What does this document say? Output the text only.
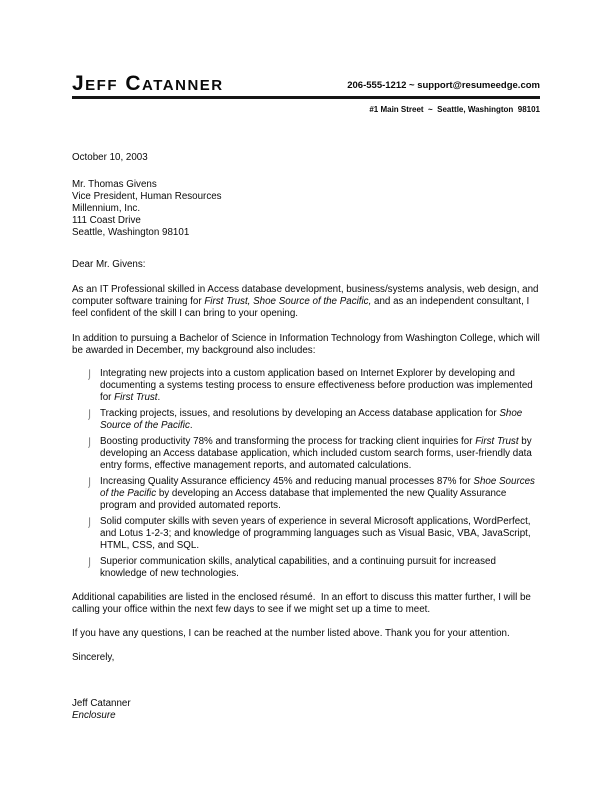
Jeff Catanner	206-555-1212 ~ support@resumeedge.com
#1 Main Street  ~  Seattle, Washington  98101
October 10, 2003
Mr. Thomas Givens
Vice President, Human Resources
Millennium, Inc.
111 Coast Drive
Seattle, Washington 98101
Dear Mr. Givens:

As an IT Professional skilled in Access database development, business/systems analysis, web design, and computer software training for First Trust, Shoe Source of the Pacific, and as an independent consultant, I feel confident of the skill I can bring to your opening.

In addition to pursuing a Bachelor of Science in Information Technology from Washington College, which will be awarded in December, my background also includes:

⌡ Integrating new projects into a custom application based on Internet Explorer by developing and documenting a systems testing process to ensure effectiveness before production was implemented for First Trust.
⌡ Tracking projects, issues, and resolutions by developing an Access database application for Shoe Source of the Pacific.
⌡ Boosting productivity 78% and transforming the process for tracking client inquiries for First Trust by developing an Access database application, which included custom search forms, user-friendly data entry forms, effective management reports, and automated calculations.
⌡ Increasing Quality Assurance efficiency 45% and reducing manual processes 87% for Shoe Sources of the Pacific by developing an Access database that implemented the new Quality Assurance program and provided automated reports.
⌡ Solid computer skills with seven years of experience in several Microsoft applications, WordPerfect, and Lotus 1-2-3; and knowledge of programming languages such as Visual Basic, VBA, JavaScript, HTML, CSS, and SQL.
⌡ Superior communication skills, analytical capabilities, and a continuing pursuit for increased knowledge of new technologies.

Additional capabilities are listed in the enclosed résumé.  In an effort to discuss this matter further, I will be calling your office within the next few days to see if we might set up a time to meet.

If you have any questions, I can be reached at the number listed above. Thank you for your attention.

Sincerely,
Jeff Catanner
Enclosure
